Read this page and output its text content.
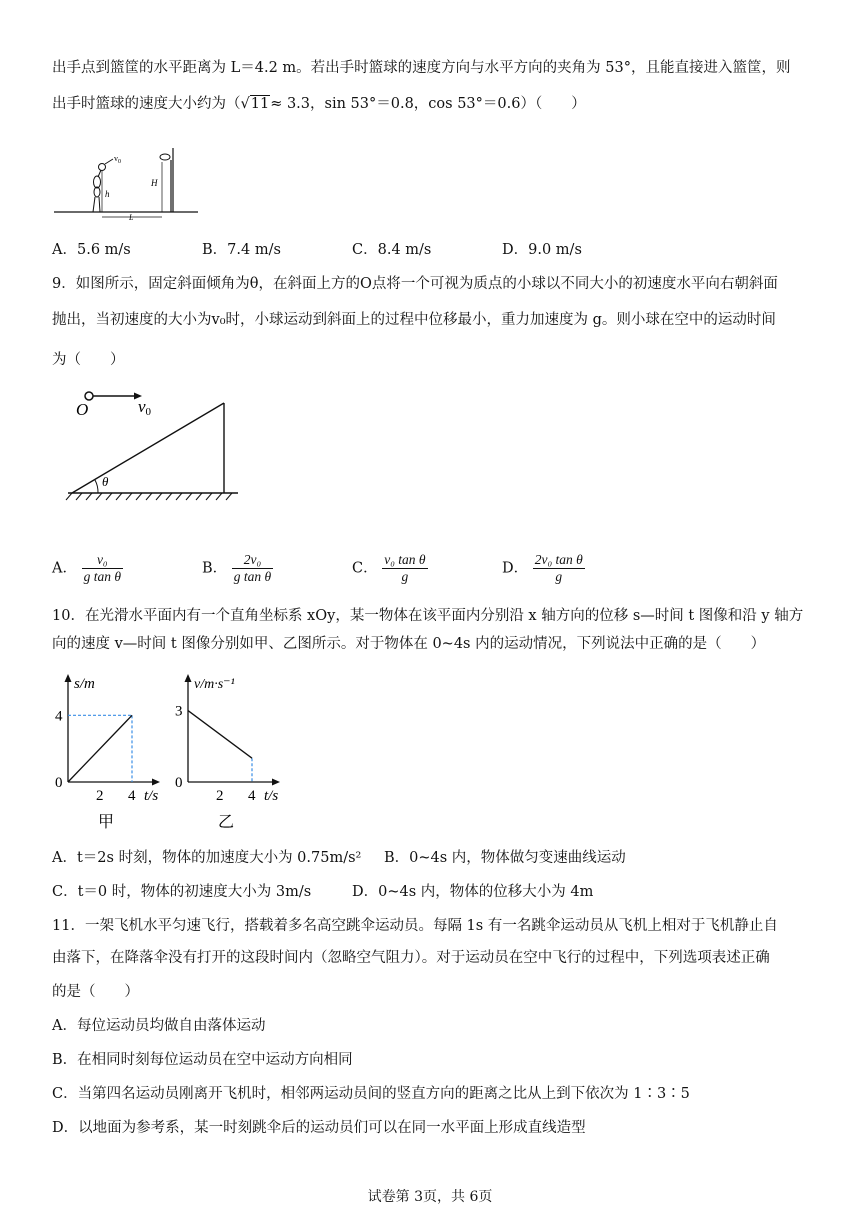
出手点到篮筐的水平距离为 L＝4.2 m。若出手时篮球的速度方向与水平方向的夹角为 53°，且能直接进入篮筐，则
出手时篮球的速度大小约为（√11≈ 3.3，sin 53°＝0.8，cos 53°＝0.6）（　　）
$v_0$
h
H
L
A．5.6 m/s	B．7.4 m/s	C．8.4 m/s	D．9.0 m/s
9．如图所示，固定斜面倾角为θ，在斜面上方的O点将一个可视为质点的小球以不同大小的初速度水平向右朝斜面
抛出，当初速度的大小为v₀时，小球运动到斜面上的过程中位移最小，重力加速度为 g。则小球在空中的运动时间
为（　　）
O	v0
θ
A． $\frac{\text{v₀}}{\text{g tan θ}}$	B． $\frac{\text{2v₀}}{\text{g tan θ}}$	C． $\frac{\text{v₀ tan θ}}{g}$	D． $\frac{\text{2v₀ tan θ}}{g}$
10．在光滑水平面内有一个直角坐标系 xOy，某一物体在该平面内分别沿 x 轴方向的位移 s—时间 t 图像和沿 y 轴方
向的速度 v—时间 t 图像分别如甲、乙图所示。对于物体在 0~4s 内的运动情况，下列说法中正确的是（　　）
s/m
t/s
0
4
2 4
甲
v/m·s⁻¹
t/s
0
3
2 4
乙
A．t＝2s 时刻，物体的加速度大小为 0.75m/s² B．0~4s 内，物体做匀变速曲线运动
C．t＝0 时，物体的初速度大小为 3m/s	D．0~4s 内，物体的位移大小为 4m
11．一架飞机水平匀速飞行，搭载着多名高空跳伞运动员。每隔 1s 有一名跳伞运动员从飞机上相对于飞机静止自
由落下，在降落伞没有打开的这段时间内（忽略空气阻力）。对于运动员在空中飞行的过程中，下列选项表述正确
的是（　　）
A．每位运动员均做自由落体运动
B．在相同时刻每位运动员在空中运动方向相同
C．当第四名运动员刚离开飞机时，相邻两运动员间的竖直方向的距离之比从上到下依次为 1∶3∶5
D．以地面为参考系，某一时刻跳伞后的运动员们可以在同一水平面上形成直线造型
试卷第 3页，共 6页
